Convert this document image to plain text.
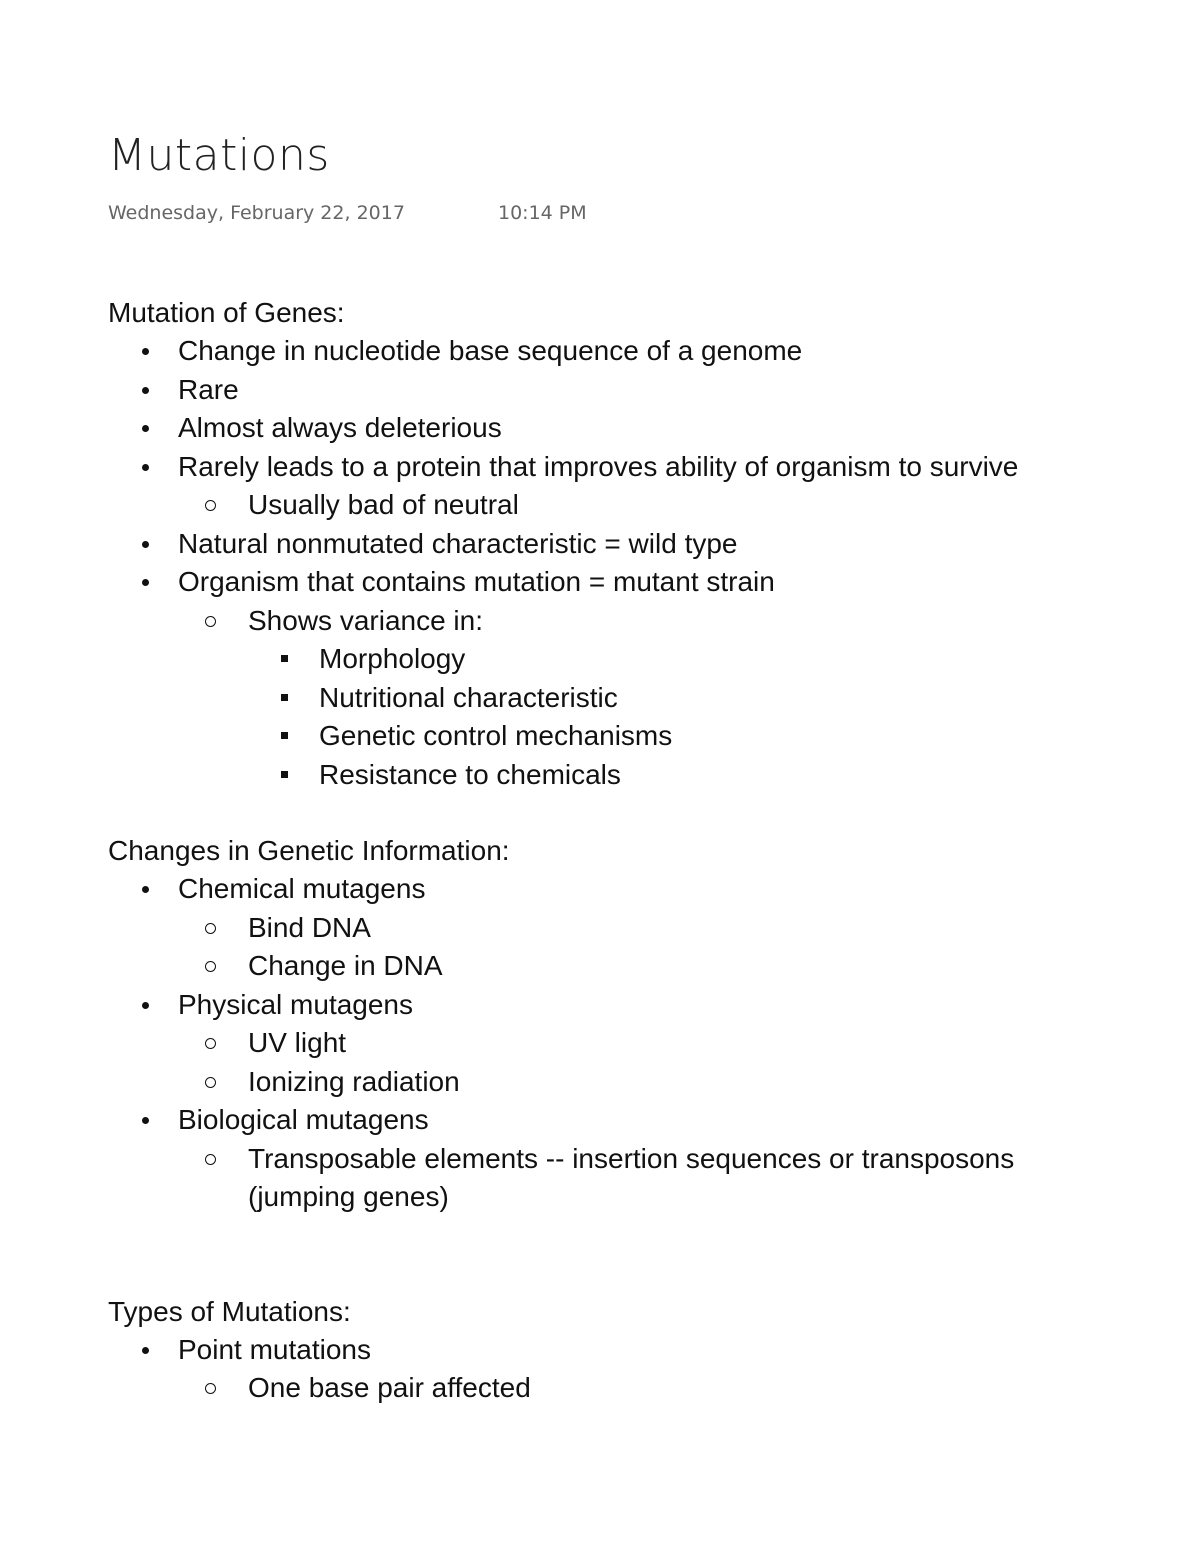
Mutations
Wednesday, February 22, 2017	10:14 PM
Mutation of Genes:
Change in nucleotide base sequence of a genome
Rare
Almost always deleterious
Rarely leads to a protein that improves ability of organism to survive
Usually bad of neutral
Natural nonmutated characteristic = wild type
Organism that contains mutation = mutant strain
Shows variance in:
Morphology
Nutritional characteristic
Genetic control mechanisms
Resistance to chemicals
Changes in Genetic Information:
Chemical mutagens
Bind DNA
Change in DNA
Physical mutagens
UV light
Ionizing radiation
Biological mutagens
Transposable elements -- insertion sequences or transposons (jumping genes)
Types of Mutations:
Point mutations
One base pair affected
